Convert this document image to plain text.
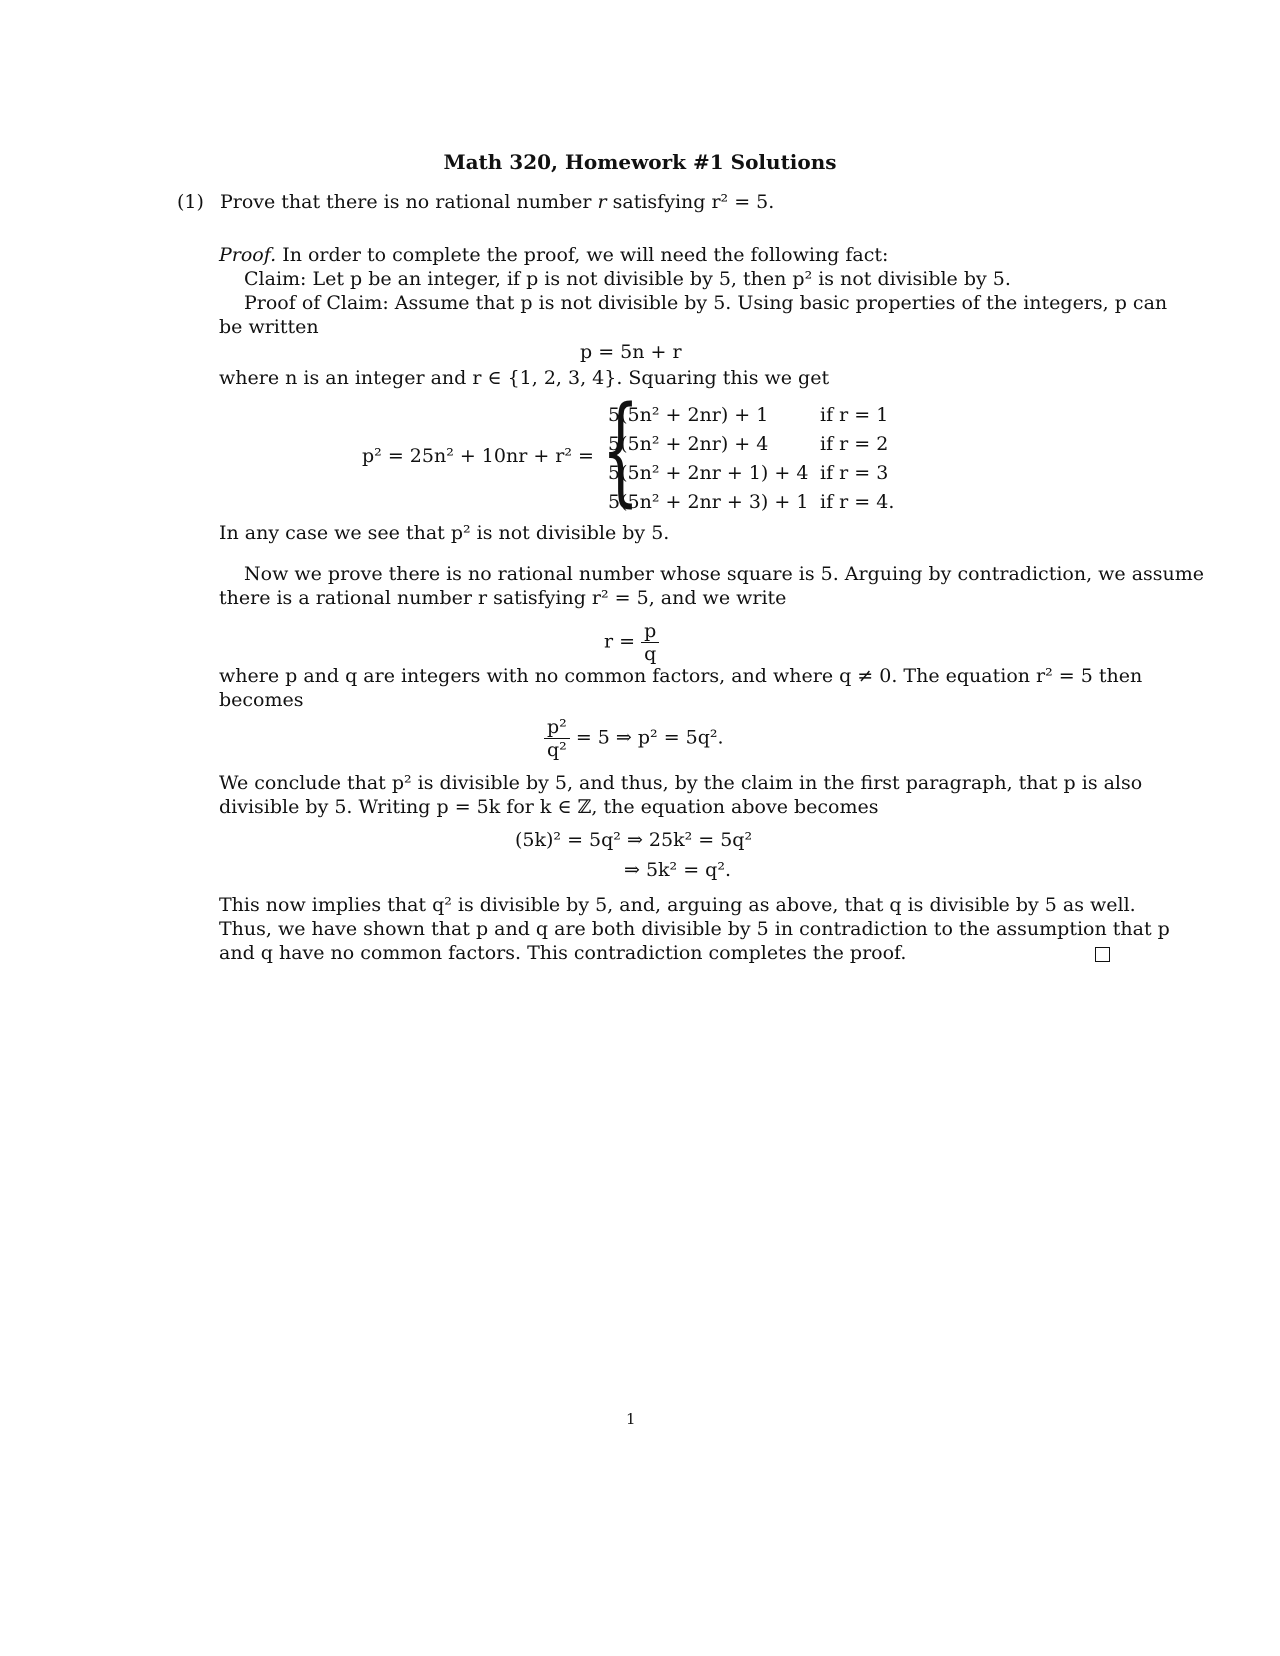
Math 320, Homework #1 Solutions
(1) Prove that there is no rational number r satisfying r² = 5.
Proof. In order to complete the proof, we will need the following fact:
Claim: Let p be an integer, if p is not divisible by 5, then p² is not divisible by 5.
Proof of Claim: Assume that p is not divisible by 5. Using basic properties of the integers, p can
be written
p = 5n + r
where n is an integer and r ∈ {1, 2, 3, 4}. Squaring this we get
p² = 25n² + 10nr + r² = {
5(5n² + 2nr) + 1	if r = 1
5(5n² + 2nr) + 4	if r = 2
5(5n² + 2nr + 1) + 4	if r = 3
5(5n² + 2nr + 3) + 1	if r = 4.
In any case we see that p² is not divisible by 5.
Now we prove there is no rational number whose square is 5. Arguing by contradiction, we assume
there is a rational number r satisfying r² = 5, and we write
$r = \frac{p}{q}$
where p and q are integers with no common factors, and where q ≠ 0. The equation r² = 5 then
becomes
$\frac{\text{p²}}{\text{q²}} = 5$ ⇒ p² = 5q².
We conclude that p² is divisible by 5, and thus, by the claim in the first paragraph, that p is also
divisible by 5. Writing p = 5k for k ∈ ℤ, the equation above becomes
(5k)² = 5q² ⇒ 25k² = 5q²
⇒ 5k² = q².
This now implies that q² is divisible by 5, and, arguing as above, that q is divisible by 5 as well.
Thus, we have shown that p and q are both divisible by 5 in contradiction to the assumption that p
and q have no common factors. This contradiction completes the proof.
1
